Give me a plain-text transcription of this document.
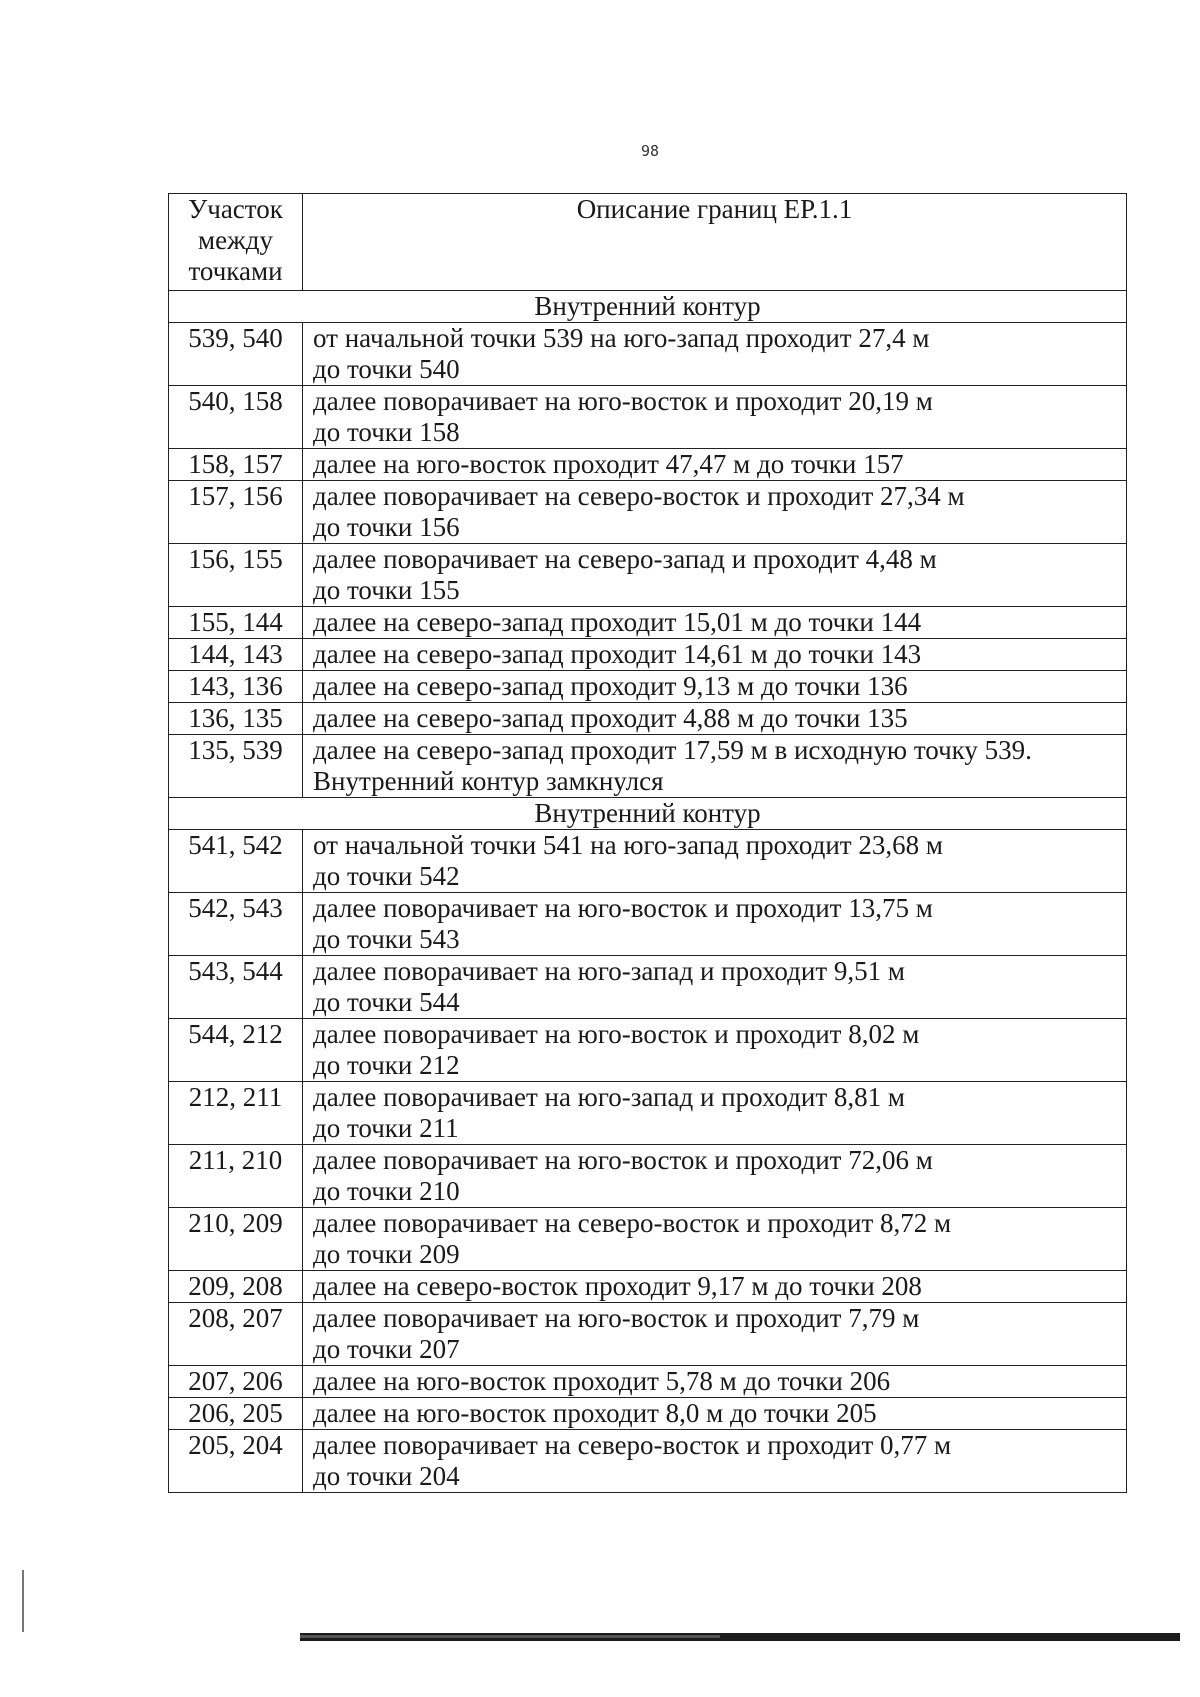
98
Участок между точками	Описание границ ЕР.1.1
Внутренний контур	
539, 540	от начальной точки 539 на юго-запад проходит 27,4 м
до точки 540

540, 158	далее поворачивает на юго-восток и проходит 20,19 м
до точки 158

158, 157	далее на юго-восток проходит 47,47 м до точки 157

157, 156	далее поворачивает на северо-восток и проходит 27,34 м
до точки 156

156, 155	далее поворачивает на северо-запад и проходит 4,48 м
до точки 155

155, 144	далее на северо-запад проходит 15,01 м до точки 144

144, 143	далее на северо-запад проходит 14,61 м до точки 143

143, 136	далее на северо-запад проходит 9,13 м до точки 136

136, 135	далее на северо-запад проходит 4,88 м до точки 135

135, 539	далее на северо-запад проходит 17,59 м в исходную точку 539.
Внутренний контур замкнулся

Внутренний контур	
541, 542	от начальной точки 541 на юго-запад проходит 23,68 м
до точки 542

542, 543	далее поворачивает на юго-восток и проходит 13,75 м
до точки 543

543, 544	далее поворачивает на юго-запад и проходит 9,51 м
до точки 544

544, 212	далее поворачивает на юго-восток и проходит 8,02 м
до точки 212

212, 211	далее поворачивает на юго-запад и проходит 8,81 м
до точки 211

211, 210	далее поворачивает на юго-восток и проходит 72,06 м
до точки 210

210, 209	далее поворачивает на северо-восток и проходит 8,72 м
до точки 209

209, 208	далее на северо-восток проходит 9,17 м до точки 208

208, 207	далее поворачивает на юго-восток и проходит 7,79 м
до точки 207

207, 206	далее на юго-восток проходит 5,78 м до точки 206

206, 205	далее на юго-восток проходит 8,0 м до точки 205

205, 204	далее поворачивает на северо-восток и проходит 0,77 м
до точки 204
